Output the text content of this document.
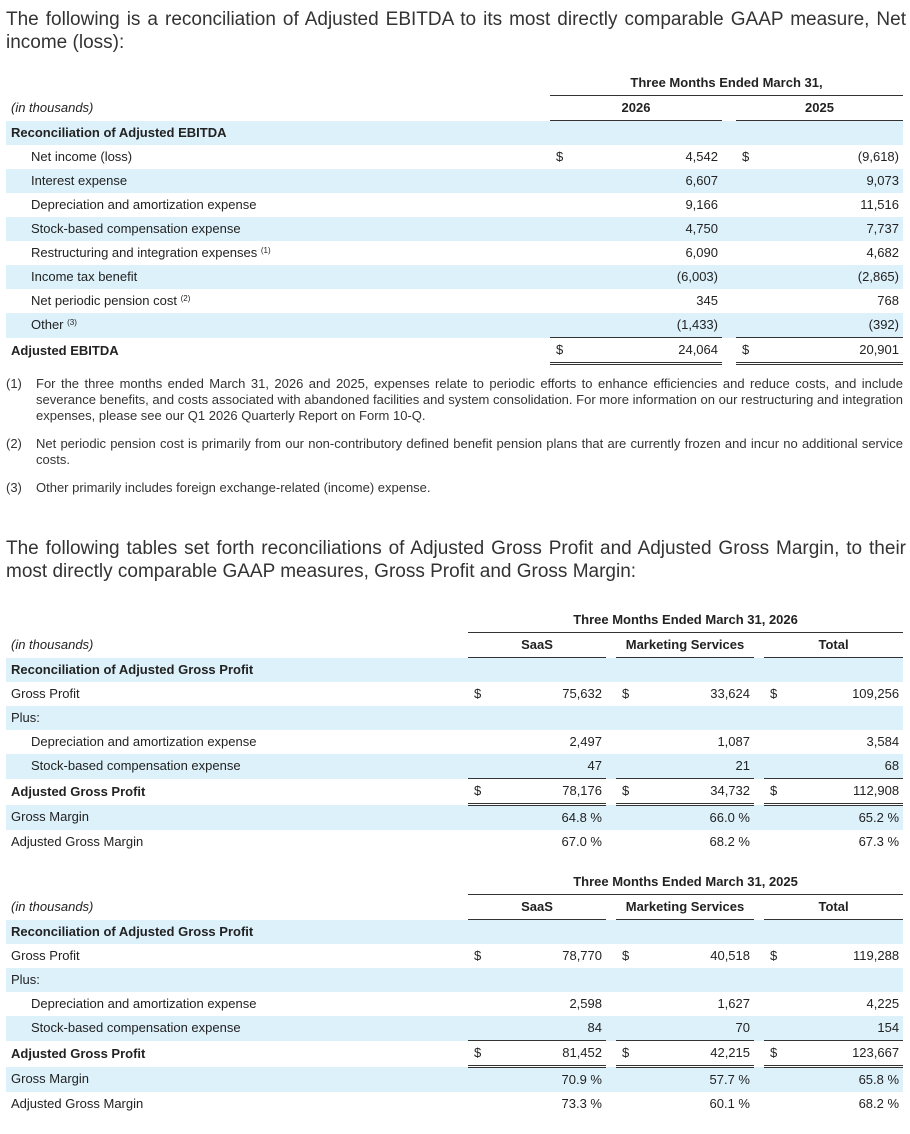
The following is a reconciliation of Adjusted EBITDA to its most directly comparable GAAP measure, Net income (loss):

	Three Months Ended March 31,				
(in thousands)	2026			2025	
Reconciliation of Adjusted EBITDA					
Net income (loss)	$	4,542		$	(9,618)
Interest expense		6,607			9,073
Depreciation and amortization expense		9,166			11,516
Stock-based compensation expense		4,750			7,737
Restructuring and integration expenses $^{(1)}$		6,090			4,682
Income tax benefit		(6,003)			(2,865)
Net periodic pension cost $^{(2)}$		345			768
Other $^{(3)}$		(1,433)			(392)
Adjusted EBITDA	$	24,064		$	20,901
(1)	For the three months ended March 31, 2026 and 2025, expenses relate to periodic efforts to enhance efficiencies and reduce costs, and include severance benefits, and costs associated with abandoned facilities and system consolidation. For more information on our restructuring and integration expenses, please see our Q1 2026 Quarterly Report on Form 10-Q.
(2)	Net periodic pension cost is primarily from our non-contributory defined benefit pension plans that are currently frozen and incur no additional service costs.
(3)	Other primarily includes foreign exchange-related (income) expense.

The following tables set forth reconciliations of Adjusted Gross Profit and Adjusted Gross Margin, to their most directly comparable GAAP measures, Gross Profit and Gross Margin:

	Three Months Ended March 31, 2026							
(in thousands)	SaaS			Marketing Services			Total	
Reconciliation of Adjusted Gross Profit								
Gross Profit	$	75,632		$	33,624		$	109,256
Plus:								
Depreciation and amortization expense		2,497			1,087			3,584
Stock-based compensation expense		47			21			68
Adjusted Gross Profit	$	78,176		$	34,732		$	112,908
Gross Margin		64.8 %			66.0 %			65.2 %
Adjusted Gross Margin		67.0 %			68.2 %			67.3 %
	Three Months Ended March 31, 2025							
(in thousands)	SaaS			Marketing Services			Total	
Reconciliation of Adjusted Gross Profit								
Gross Profit	$	78,770		$	40,518		$	119,288
Plus:								
Depreciation and amortization expense		2,598			1,627			4,225
Stock-based compensation expense		84			70			154
Adjusted Gross Profit	$	81,452		$	42,215		$	123,667
Gross Margin		70.9 %			57.7 %			65.8 %
Adjusted Gross Margin		73.3 %			60.1 %			68.2 %
